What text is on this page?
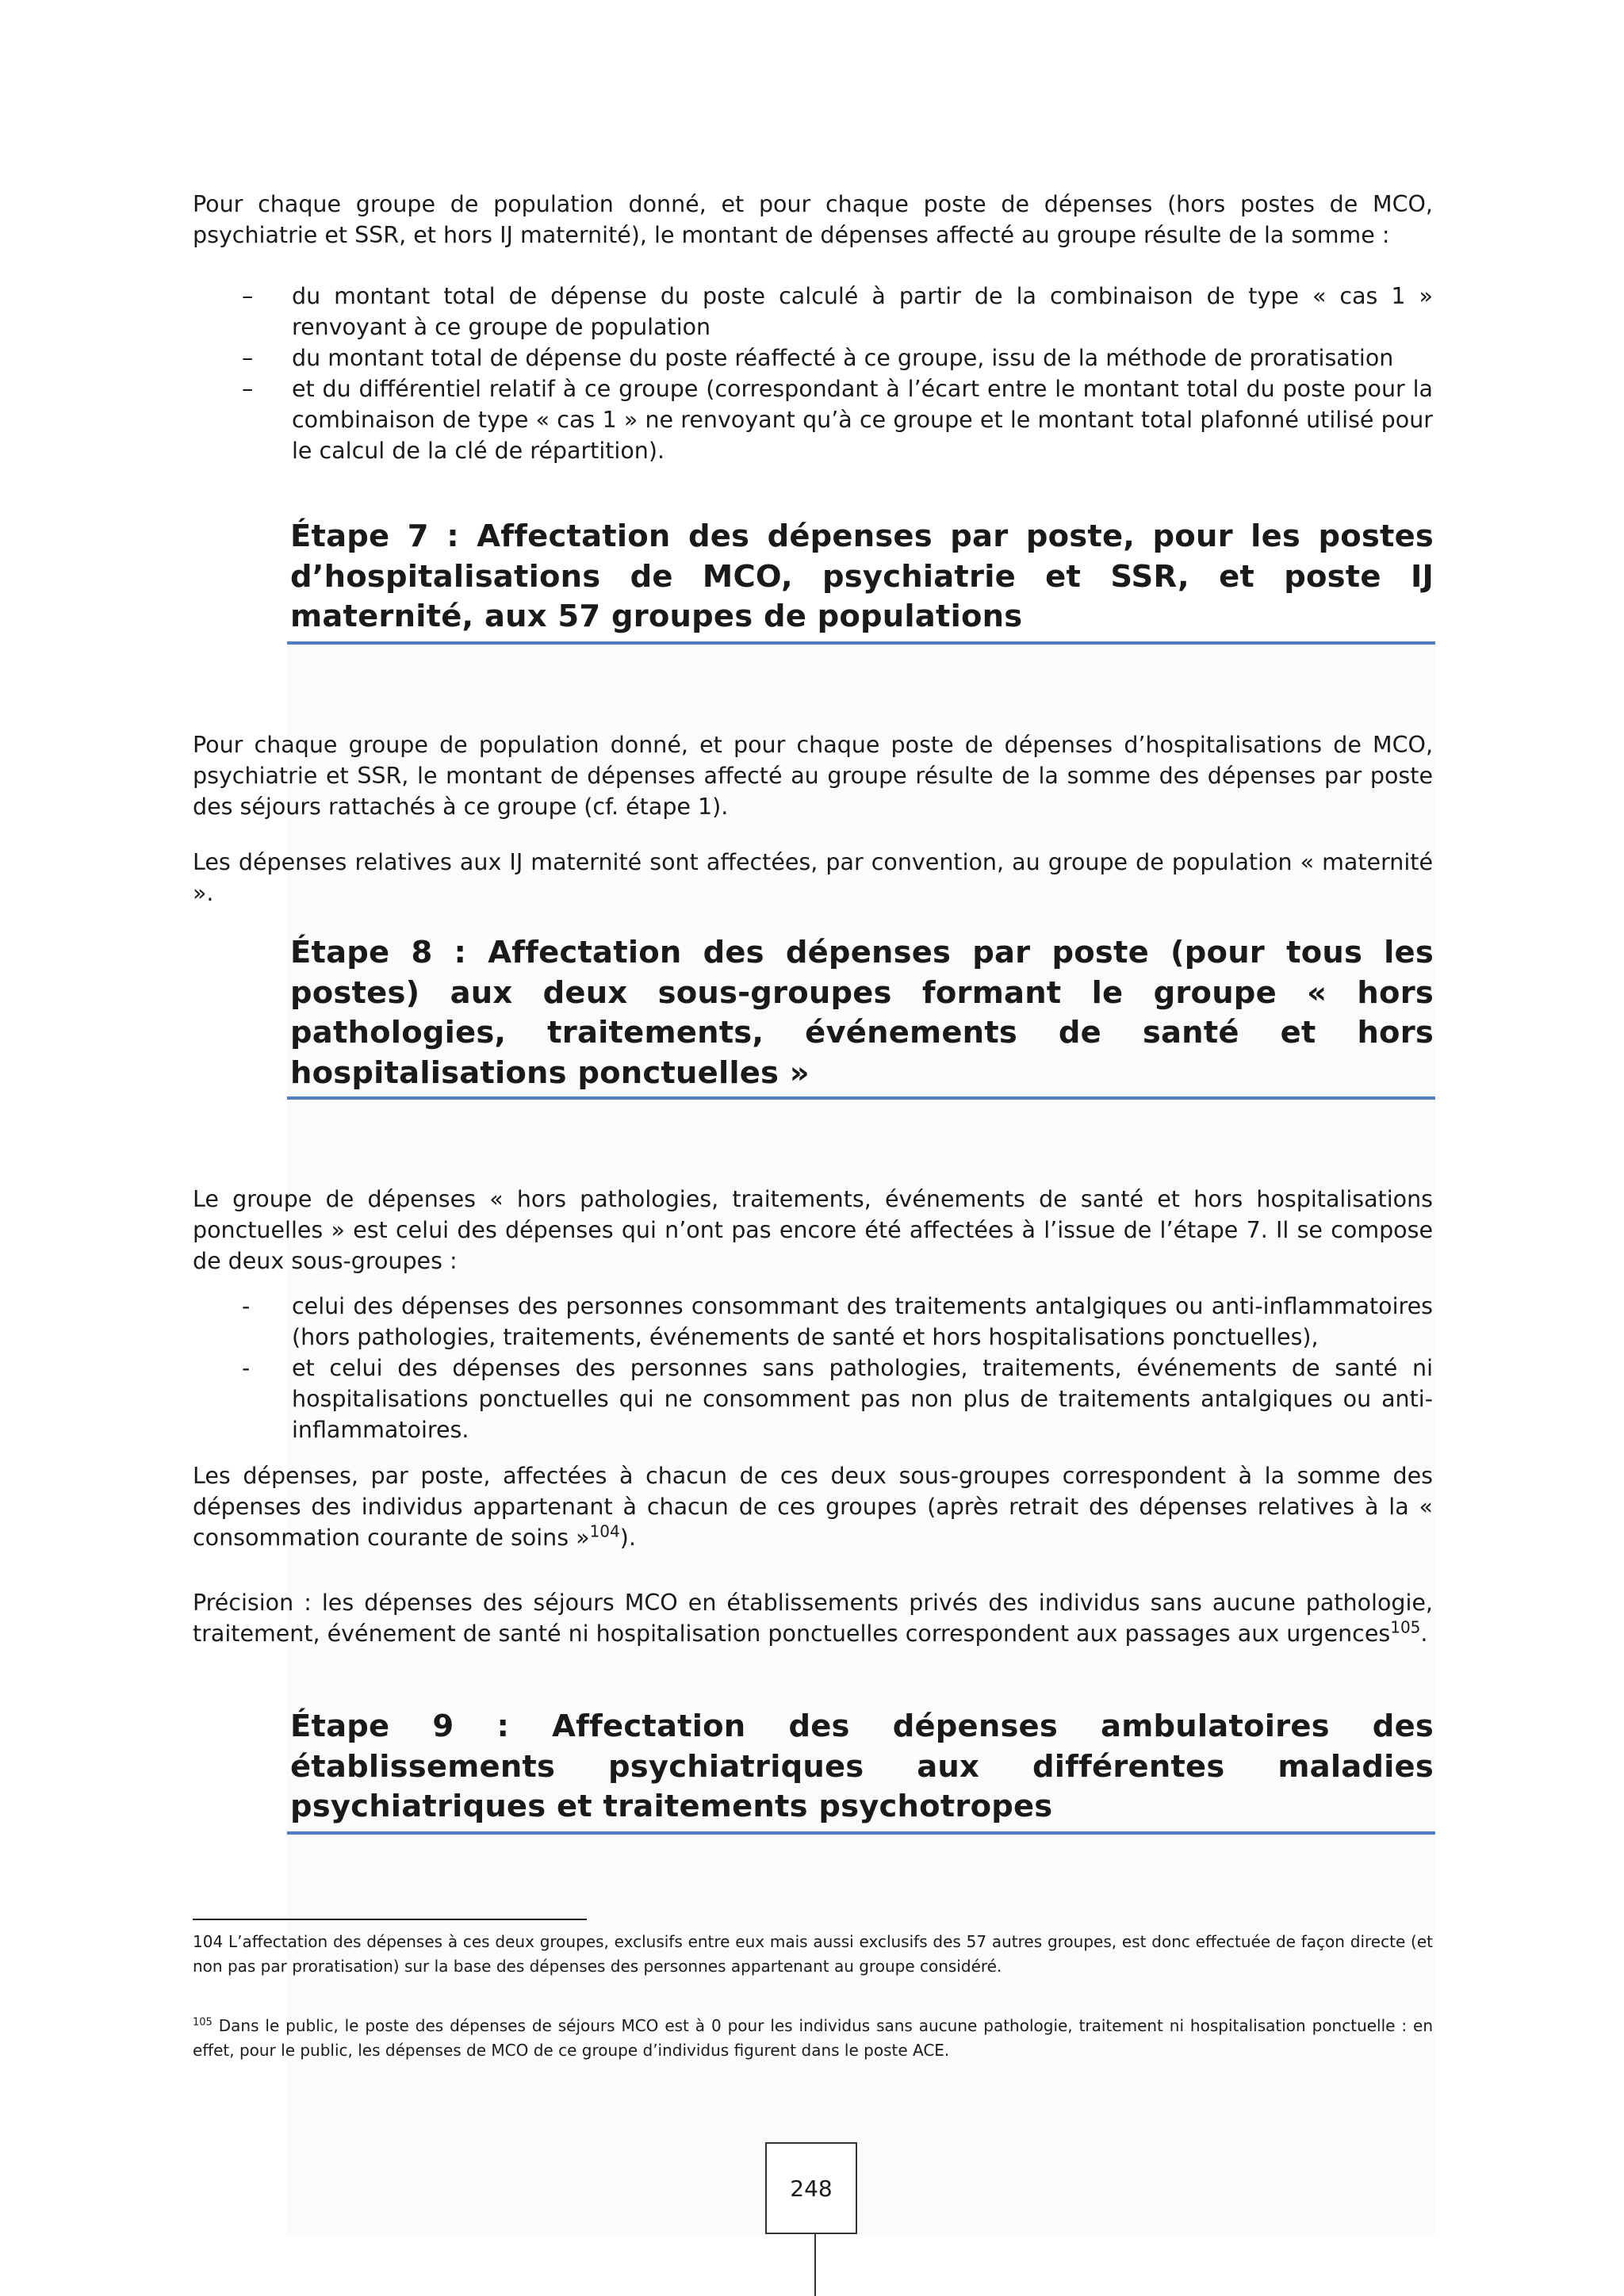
Pour chaque groupe de population donné, et pour chaque poste de dépenses (hors postes de MCO, psychiatrie et SSR, et hors IJ maternité), le montant de dépenses affecté au groupe résulte de la somme :

– du montant total de dépense du poste calculé à partir de la combinaison de type « cas 1 » renvoyant à ce groupe de population
– du montant total de dépense du poste réaffecté à ce groupe, issu de la méthode de proratisation
– et du différentiel relatif à ce groupe (correspondant à l’écart entre le montant total du poste pour la combinaison de type « cas 1 » ne renvoyant qu’à ce groupe et le montant total plafonné utilisé pour le calcul de la clé de répartition).
Étape 7 : Affectation des dépenses par poste, pour les postes d’hospitalisations de MCO, psychiatrie et SSR, et poste IJ maternité, aux 57 groupes de populations

Pour chaque groupe de population donné, et pour chaque poste de dépenses d’hospitalisations de MCO, psychiatrie et SSR, le montant de dépenses affecté au groupe résulte de la somme des dépenses par poste des séjours rattachés à ce groupe (cf. étape 1).

Les dépenses relatives aux IJ maternité sont affectées, par convention, au groupe de population « maternité ».

Étape 8 : Affectation des dépenses par poste (pour tous les postes) aux deux sous-groupes formant le groupe « hors pathologies, traitements, événements de santé et hors hospitalisations ponctuelles »

Le groupe de dépenses « hors pathologies, traitements, événements de santé et hors hospitalisations ponctuelles » est celui des dépenses qui n’ont pas encore été affectées à l’issue de l’étape 7. Il se compose de deux sous-groupes :

- celui des dépenses des personnes consommant des traitements antalgiques ou anti-inflammatoires (hors pathologies, traitements, événements de santé et hors hospitalisations ponctuelles),
- et celui des dépenses des personnes sans pathologies, traitements, événements de santé ni hospitalisations ponctuelles qui ne consomment pas non plus de traitements antalgiques ou anti-inflammatoires.

Les dépenses, par poste, affectées à chacun de ces deux sous-groupes correspondent à la somme des dépenses des individus appartenant à chacun de ces groupes (après retrait des dépenses relatives à la « consommation courante de soins »$^{104}$).

Précision : les dépenses des séjours MCO en établissements privés des individus sans aucune pathologie, traitement, événement de santé ni hospitalisation ponctuelles correspondent aux passages aux urgences$^{105}$.

Étape 9 : Affectation des dépenses ambulatoires des établissements psychiatriques aux différentes maladies psychiatriques et traitements psychotropes

104 L’affectation des dépenses à ces deux groupes, exclusifs entre eux mais aussi exclusifs des 57 autres groupes, est donc effectuée de façon directe (et non pas par proratisation) sur la base des dépenses des personnes appartenant au groupe considéré.

$^{105}$ Dans le public, le poste des dépenses de séjours MCO est à 0 pour les individus sans aucune pathologie, traitement ni hospitalisation ponctuelle : en effet, pour le public, les dépenses de MCO de ce groupe d’individus figurent dans le poste ACE.

248
